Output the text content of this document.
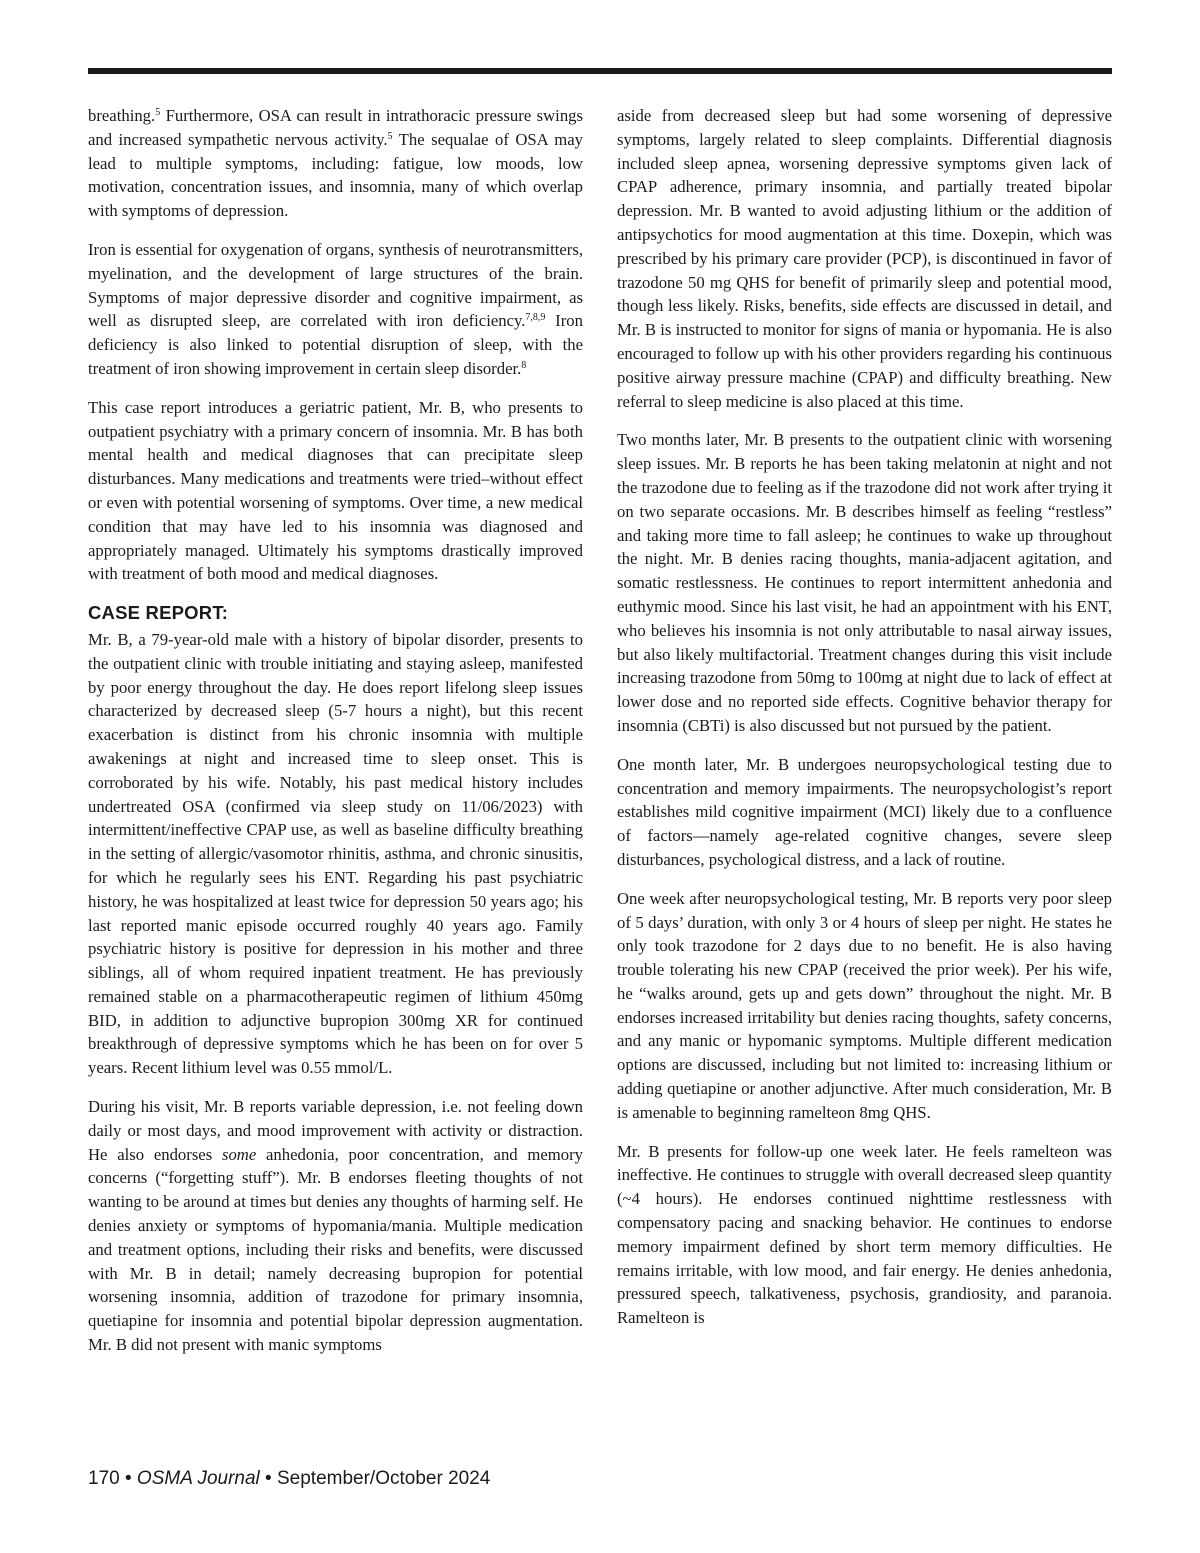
breathing.$^5$ Furthermore, OSA can result in intrathoracic pressure swings and increased sympathetic nervous activity.$^5$ The sequalae of OSA may lead to multiple symptoms, including: fatigue, low moods, low motivation, concentration issues, and insomnia, many of which overlap with symptoms of depression.

Iron is essential for oxygenation of organs, synthesis of neurotransmitters, myelination, and the development of large structures of the brain. Symptoms of major depressive disorder and cognitive impairment, as well as disrupted sleep, are correlated with iron deficiency.$^{7,8,9}$ Iron deficiency is also linked to potential disruption of sleep, with the treatment of iron showing improvement in certain sleep disorder.$^8$

This case report introduces a geriatric patient, Mr. B, who presents to outpatient psychiatry with a primary concern of insomnia. Mr. B has both mental health and medical diagnoses that can precipitate sleep disturbances. Many medications and treatments were tried–without effect or even with potential worsening of symptoms. Over time, a new medical condition that may have led to his insomnia was diagnosed and appropriately managed. Ultimately his symptoms drastically improved with treatment of both mood and medical diagnoses.

CASE REPORT:

Mr. B, a 79-year-old male with a history of bipolar disorder, presents to the outpatient clinic with trouble initiating and staying asleep, manifested by poor energy throughout the day. He does report lifelong sleep issues characterized by decreased sleep (5-7 hours a night), but this recent exacerbation is distinct from his chronic insomnia with multiple awakenings at night and increased time to sleep onset. This is corroborated by his wife. Notably, his past medical history includes undertreated OSA (confirmed via sleep study on 11/06/2023) with intermittent/ineffective CPAP use, as well as baseline difficulty breathing in the setting of allergic/vasomotor rhinitis, asthma, and chronic sinusitis, for which he regularly sees his ENT. Regarding his past psychiatric history, he was hospitalized at least twice for depression 50 years ago; his last reported manic episode occurred roughly 40 years ago. Family psychiatric history is positive for depression in his mother and three siblings, all of whom required inpatient treatment. He has previously remained stable on a pharmacotherapeutic regimen of lithium 450mg BID, in addition to adjunctive bupropion 300mg XR for continued breakthrough of depressive symptoms which he has been on for over 5 years. Recent lithium level was 0.55 mmol/L.

During his visit, Mr. B reports variable depression, i.e. not feeling down daily or most days, and mood improvement with activity or distraction. He also endorses some anhedonia, poor concentration, and memory concerns (“forgetting stuff”). Mr. B endorses fleeting thoughts of not wanting to be around at times but denies any thoughts of harming self. He denies anxiety or symptoms of hypomania/mania. Multiple medication and treatment options, including their risks and benefits, were discussed with Mr. B in detail; namely decreasing bupropion for potential worsening insomnia, addition of trazodone for primary insomnia, quetiapine for insomnia and potential bipolar depression augmentation. Mr. B did not present with manic symptoms

aside from decreased sleep but had some worsening of depressive symptoms, largely related to sleep complaints. Differential diagnosis included sleep apnea, worsening depressive symptoms given lack of CPAP adherence, primary insomnia, and partially treated bipolar depression. Mr. B wanted to avoid adjusting lithium or the addition of antipsychotics for mood augmentation at this time. Doxepin, which was prescribed by his primary care provider (PCP), is discontinued in favor of trazodone 50 mg QHS for benefit of primarily sleep and potential mood, though less likely. Risks, benefits, side effects are discussed in detail, and Mr. B is instructed to monitor for signs of mania or hypomania. He is also encouraged to follow up with his other providers regarding his continuous positive airway pressure machine (CPAP) and difficulty breathing. New referral to sleep medicine is also placed at this time.

Two months later, Mr. B presents to the outpatient clinic with worsening sleep issues. Mr. B reports he has been taking melatonin at night and not the trazodone due to feeling as if the trazodone did not work after trying it on two separate occasions. Mr. B describes himself as feeling “restless” and taking more time to fall asleep; he continues to wake up throughout the night. Mr. B denies racing thoughts, mania-adjacent agitation, and somatic restlessness. He continues to report intermittent anhedonia and euthymic mood. Since his last visit, he had an appointment with his ENT, who believes his insomnia is not only attributable to nasal airway issues, but also likely multifactorial. Treatment changes during this visit include increasing trazodone from 50mg to 100mg at night due to lack of effect at lower dose and no reported side effects. Cognitive behavior therapy for insomnia (CBTi) is also discussed but not pursued by the patient.

One month later, Mr. B undergoes neuropsychological testing due to concentration and memory impairments. The neuropsychologist’s report establishes mild cognitive impairment (MCI) likely due to a confluence of factors—namely age-related cognitive changes, severe sleep disturbances, psychological distress, and a lack of routine.

One week after neuropsychological testing, Mr. B reports very poor sleep of 5 days’ duration, with only 3 or 4 hours of sleep per night. He states he only took trazodone for 2 days due to no benefit. He is also having trouble tolerating his new CPAP (received the prior week). Per his wife, he “walks around, gets up and gets down” throughout the night. Mr. B endorses increased irritability but denies racing thoughts, safety concerns, and any manic or hypomanic symptoms. Multiple different medication options are discussed, including but not limited to: increasing lithium or adding quetiapine or another adjunctive. After much consideration, Mr. B is amenable to beginning ramelteon 8mg QHS.

Mr. B presents for follow-up one week later. He feels ramelteon was ineffective. He continues to struggle with overall decreased sleep quantity (~4 hours). He endorses continued nighttime restlessness with compensatory pacing and snacking behavior. He continues to endorse memory impairment defined by short term memory difficulties. He remains irritable, with low mood, and fair energy. He denies anhedonia, pressured speech, talkativeness, psychosis, grandiosity, and paranoia. Ramelteon is

170 • OSMA Journal • September/October 2024
